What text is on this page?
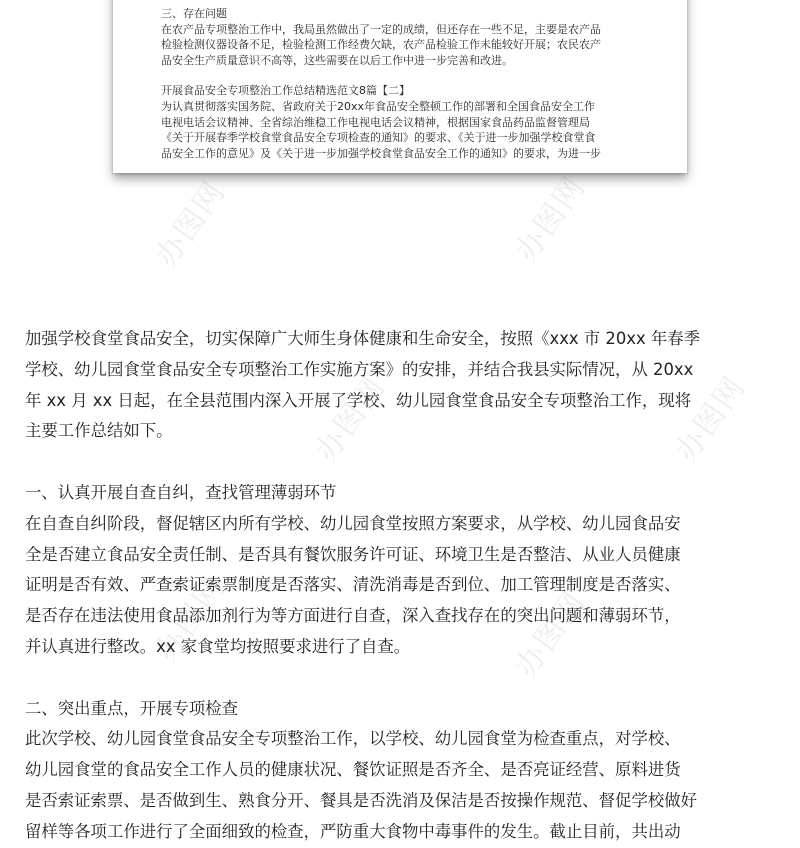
办图网	办图网
办图网	办图网
办图网	办图网

三、存在问题

在农产品专项整治工作中，我局虽然做出了一定的成绩，但还存在一些不足，主要是农产品

检验检测仪器设备不足，检验检测工作经费欠缺，农产品检验工作未能较好开展；农民农产

品安全生产质量意识不高等，这些需要在以后工作中进一步完善和改进。

开展食品安全专项整治工作总结精选范文8篇【二】

为认真贯彻落实国务院、省政府关于20xx年食品安全整顿工作的部署和全国食品安全工作

电视电话会议精神、全省综治维稳工作电视电话会议精神，根据国家食品药品监督管理局

《关于开展春季学校食堂食品安全专项检查的通知》的要求、《关于进一步加强学校食堂食

品安全工作的意见》及《关于进一步加强学校食堂食品安全工作的通知》的要求，为进一步

加强学校食堂食品安全，切实保障广大师生身体健康和生命安全，按照《xxx 市 20xx 年春季

学校、幼儿园食堂食品安全专项整治工作实施方案》的安排，并结合我县实际情况，从 20xx

年 xx 月 xx 日起，在全县范围内深入开展了学校、幼儿园食堂食品安全专项整治工作，现将

主要工作总结如下。

一、认真开展自查自纠，查找管理薄弱环节

在自查自纠阶段，督促辖区内所有学校、幼儿园食堂按照方案要求，从学校、幼儿园食品安

全是否建立食品安全责任制、是否具有餐饮服务许可证、环境卫生是否整洁、从业人员健康

证明是否有效、严查索证索票制度是否落实、清洗消毒是否到位、加工管理制度是否落实、

是否存在违法使用食品添加剂行为等方面进行自查，深入查找存在的突出问题和薄弱环节，

并认真进行整改。xx 家食堂均按照要求进行了自查。

二、突出重点，开展专项检查

此次学校、幼儿园食堂食品安全专项整治工作，以学校、幼儿园食堂为检查重点，对学校、

幼儿园食堂的食品安全工作人员的健康状况、餐饮证照是否齐全、是否亮证经营、原料进货

是否索证索票、是否做到生、熟食分开、餐具是否洗消及保洁是否按操作规范、督促学校做好

留样等各项工作进行了全面细致的检查，严防重大食物中毒事件的发生。截止目前，共出动
